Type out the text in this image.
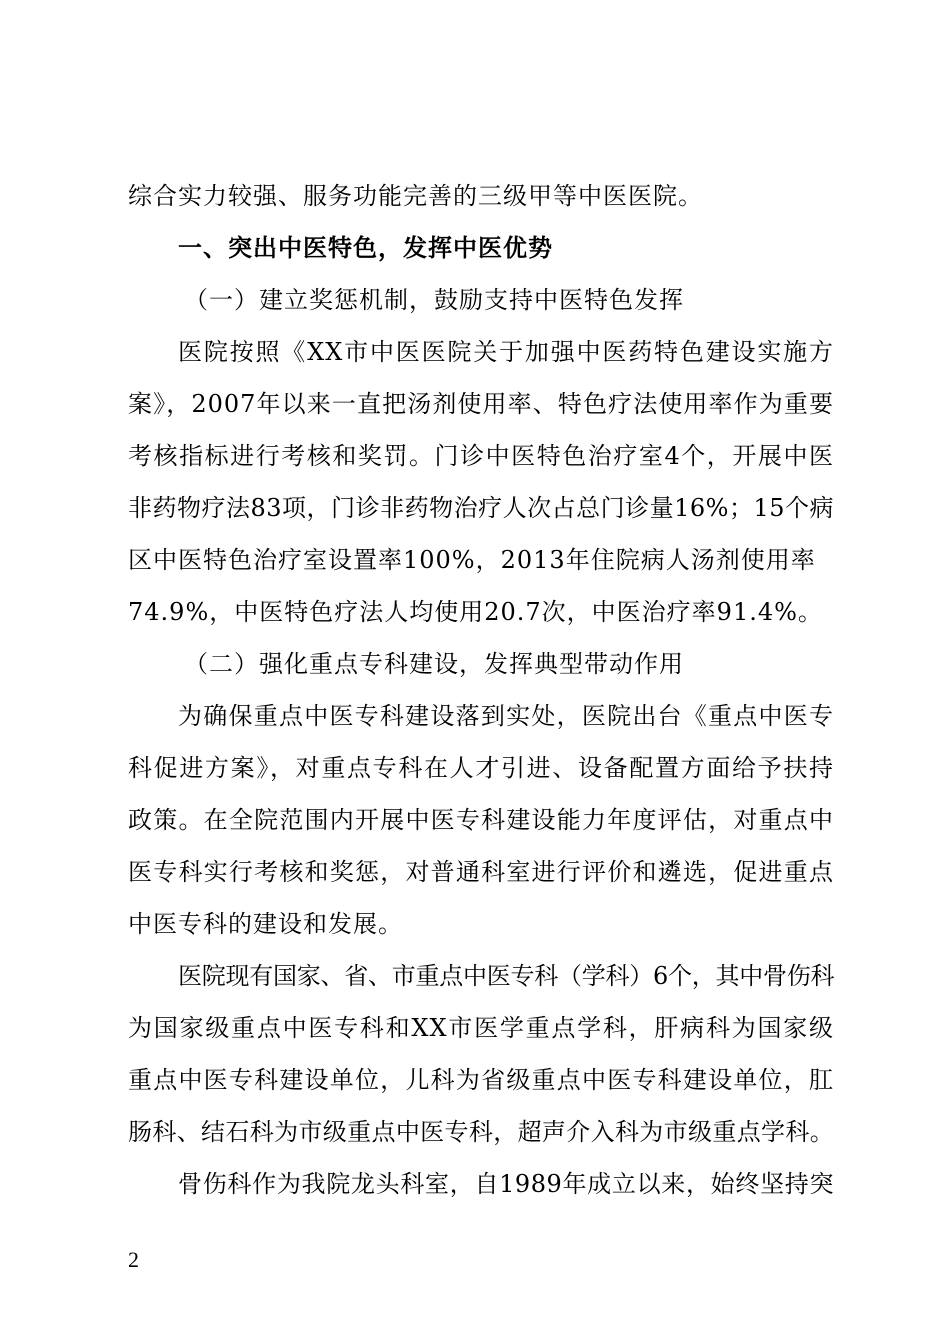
综合实力较强、服务功能完善的三级甲等中医医院。
一、突出中医特色，发挥中医优势
（一）建立奖惩机制，鼓励支持中医特色发挥
医院按照《XX市中医医院关于加强中医药特色建设实施方
案》，2007年以来一直把汤剂使用率、特色疗法使用率作为重要
考核指标进行考核和奖罚。门诊中医特色治疗室4个，开展中医
非药物疗法83项，门诊非药物治疗人次占总门诊量16%；15个病
区中医特色治疗室设置率100%，2013年住院病人汤剂使用率
74.9%，中医特色疗法人均使用20.7次，中医治疗率91.4%。
（二）强化重点专科建设，发挥典型带动作用
为确保重点中医专科建设落到实处，医院出台《重点中医专
科促进方案》，对重点专科在人才引进、设备配置方面给予扶持
政策。在全院范围内开展中医专科建设能力年度评估，对重点中
医专科实行考核和奖惩，对普通科室进行评价和遴选，促进重点
中医专科的建设和发展。
医院现有国家、省、市重点中医专科（学科）6个，其中骨伤科
为国家级重点中医专科和XX市医学重点学科，肝病科为国家级
重点中医专科建设单位，儿科为省级重点中医专科建设单位，肛
肠科、结石科为市级重点中医专科，超声介入科为市级重点学科。
骨伤科作为我院龙头科室，自1989年成立以来，始终坚持突
2
